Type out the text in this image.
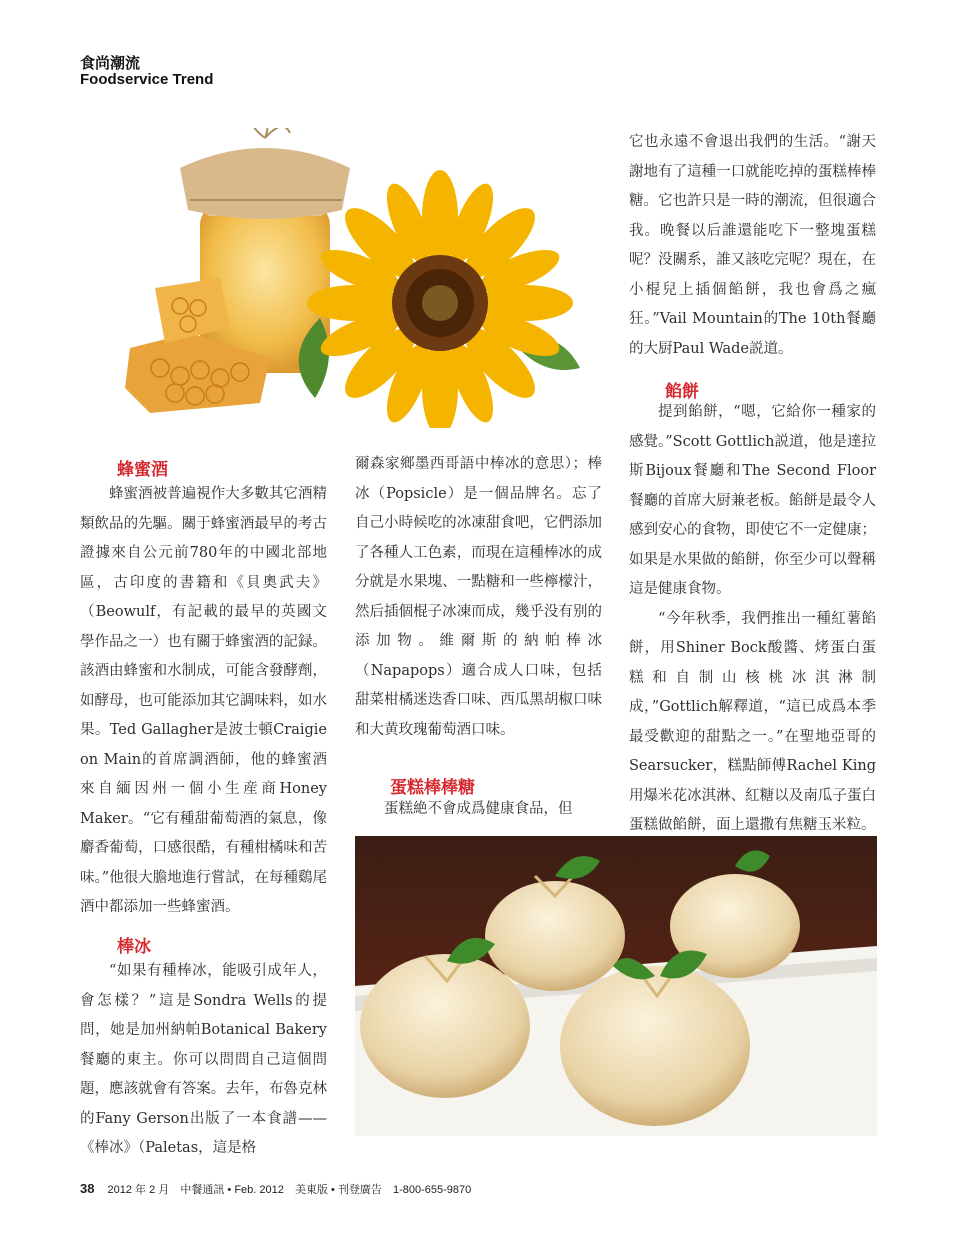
食尚潮流
Foodservice Trend
蜂蜜酒

蜂蜜酒被普遍視作大多數其它酒精類飲品的先驅。關于蜂蜜酒最早的考古證據來自公元前780年的中國北部地區，古印度的書籍和《貝奧武夫》（Beowulf，有記載的最早的英國文學作品之一）也有關于蜂蜜酒的記録。該酒由蜂蜜和水制成，可能含發酵劑，如酵母，也可能添加其它調味料，如水果。Ted Gallagher是波士頓Craigie on Main的首席調酒師，他的蜂蜜酒來自緬因州一個小生産商Honey Maker。“它有種甜葡萄酒的氣息，像麝香葡萄，口感很酷，有種柑橘味和苦味。”他很大膽地進行嘗試，在每種鷄尾酒中都添加一些蜂蜜酒。

棒冰

“如果有種棒冰，能吸引成年人，會怎樣？”這是Sondra Wells的提問，她是加州納帕Botanical Bakery餐廳的東主。你可以問問自己這個問題，應該就會有答案。去年，布魯克林的Fany Gerson出版了一本食譜——《棒冰》（Paletas，這是格

爾森家鄉墨西哥語中棒冰的意思）；棒冰（Popsicle）是一個品牌名。忘了自己小時候吃的冰凍甜食吧，它們添加了各種人工色素，而現在這種棒冰的成分就是水果塊、一點糖和一些檸檬汁，然后插個棍子冰凍而成，幾乎没有别的添加物。維爾斯的納帕棒冰（Napapops）適合成人口味，包括甜菜柑橘迷迭香口味、西瓜黑胡椒口味和大黄玫瑰葡萄酒口味。

蛋糕棒棒糖

蛋糕絶不會成爲健康食品，但

它也永遠不會退出我們的生活。“謝天謝地有了這種一口就能吃掉的蛋糕棒棒糖。它也許只是一時的潮流，但很適合我。晚餐以后誰還能吃下一整塊蛋糕呢？没關系，誰又該吃完呢？現在，在小棍兒上插個餡餅，我也會爲之瘋狂。”Vail Mountain的The 10th餐廳的大厨Paul Wade説道。

餡餅

提到餡餅，“嗯，它給你一種家的感覺。”Scott Gottlich説道，他是達拉斯Bijoux餐廳和The Second Floor餐廳的首席大厨兼老板。餡餅是最令人感到安心的食物，即使它不一定健康；如果是水果做的餡餅，你至少可以聲稱這是健康食物。

“今年秋季，我們推出一種紅薯餡餅，用Shiner Bock酸醬、烤蛋白蛋糕和自制山核桃冰淇淋制成，”Gottlich解釋道，“這已成爲本季最受歡迎的甜點之一。”在聖地亞哥的Searsucker，糕點師傅Rachel King用爆米花冰淇淋、紅糖以及南瓜子蛋白蛋糕做餡餅，面上還撒有焦糖玉米粒。

38 2012 年 2 月 中餐通訊 • Feb. 2012 美東版 • 刊登廣告 1-800-655-9870
